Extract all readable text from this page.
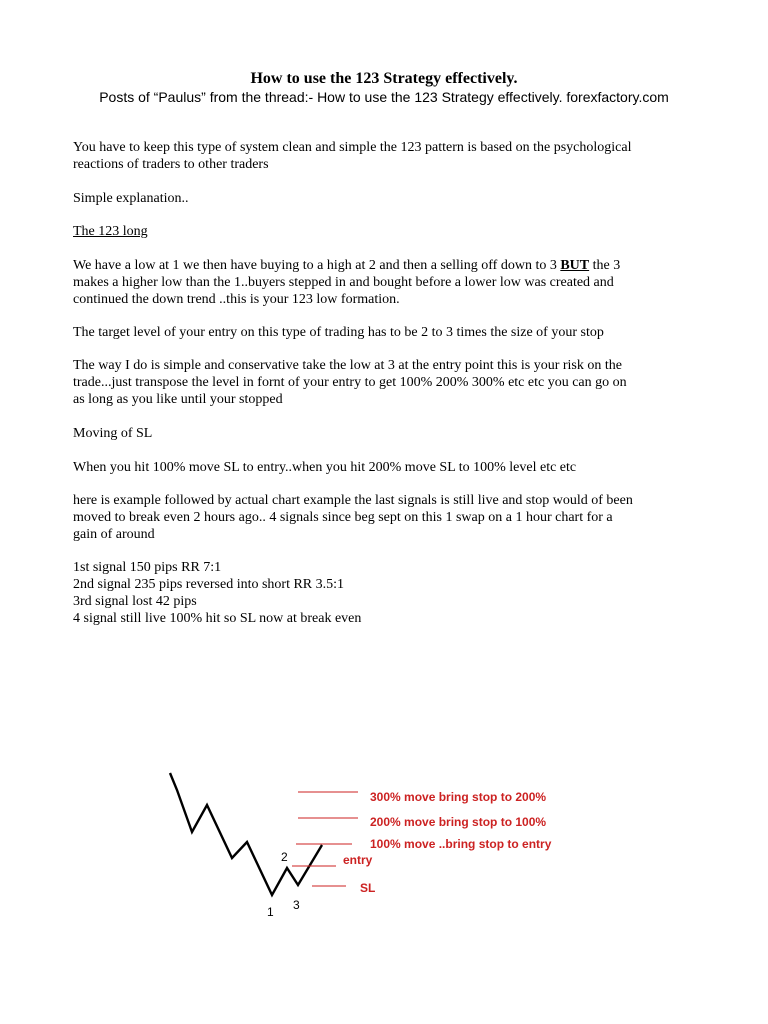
How to use the 123 Strategy effectively.
Posts of “Paulus” from the thread:- How to use the 123 Strategy effectively. forexfactory.com

You have to keep this type of system clean and simple the 123 pattern is based on the psychological

reactions of traders to other traders

Simple explanation..
The 123 long

We have a low at 1 we then have buying to a high at 2 and then a selling off down to 3 BUT the 3

makes a higher low than the 1..buyers stepped in and bought before a lower low was created and

continued the down trend ..this is your 123 low formation.

The target level of your entry on this type of trading has to be 2 to 3 times the size of your stop

The way I do is simple and conservative take the low at 3 at the entry point this is your risk on the

trade...just transpose the level in fornt of your entry to get 100% 200% 300% etc etc you can go on

as long as you like until your stopped

Moving of SL
When you hit 100% move SL to entry..when you hit 200% move SL to 100% level etc etc

here is example followed by actual chart example the last signals is still live and stop would of been

moved to break even 2 hours ago.. 4 signals since beg sept on this 1 swap on a 1 hour chart for a

gain of around

1st signal 150 pips RR 7:1

2nd signal 235 pips reversed into short RR 3.5:1

3rd signal lost 42 pips

4 signal still live 100% hit so SL now at break even

300% move bring stop to 200%
200% move bring stop to 100%
100% move ..bring stop to entry
entry
SL
2
3
1
